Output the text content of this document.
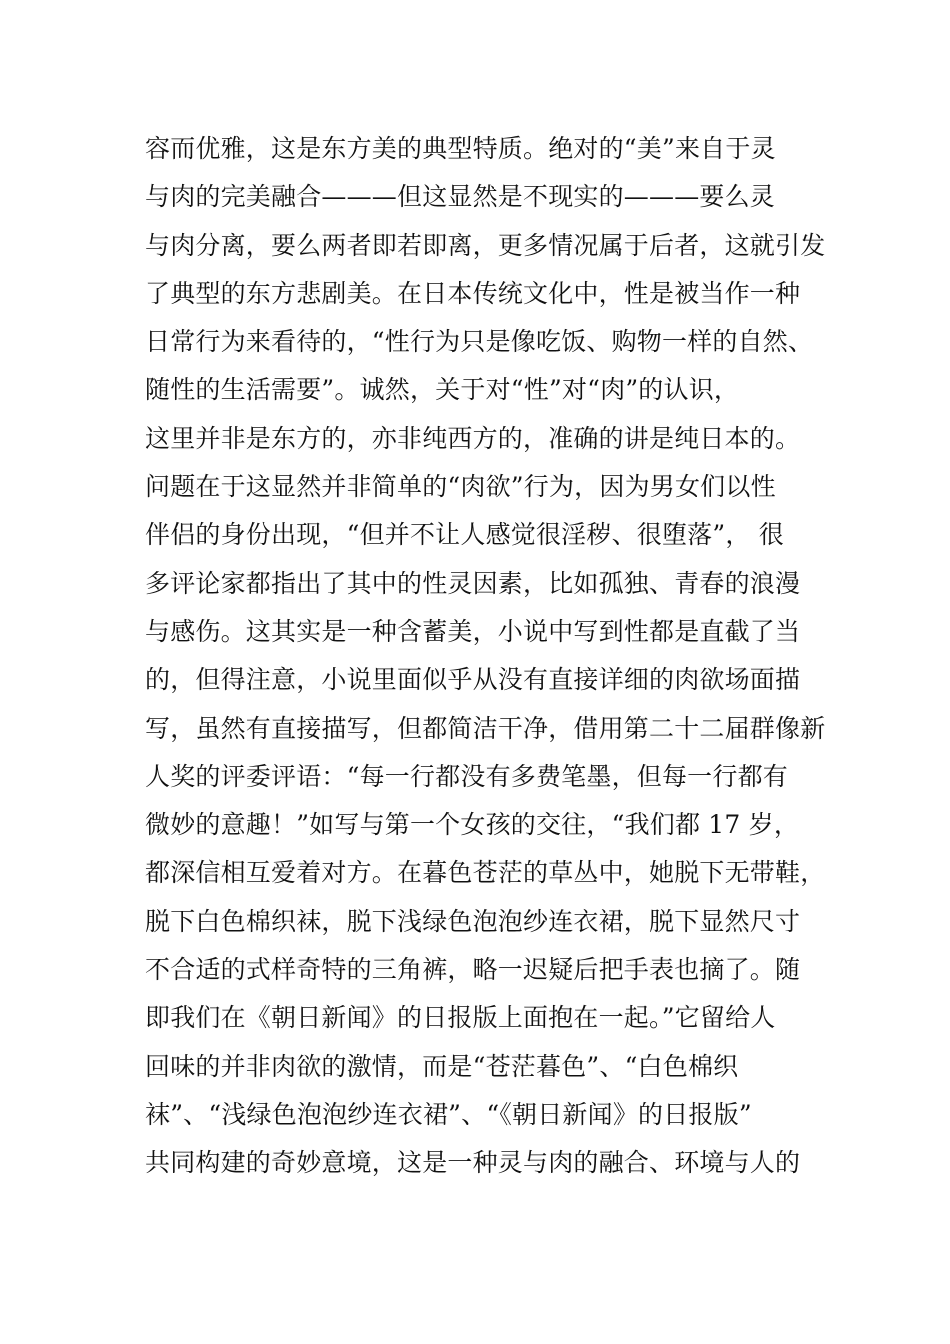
容而优雅，这是东方美的典型特质。绝对的“美”来自于灵
与肉的完美融合———但这显然是不现实的———要么灵
与肉分离，要么两者即若即离，更多情况属于后者，这就引发
了典型的东方悲剧美。在日本传统文化中，性是被当作一种
日常行为来看待的，“性行为只是像吃饭、购物一样的自然、
随性的生活需要”。诚然，关于对“性”对“肉”的认识，
这里并非是东方的，亦非纯西方的，准确的讲是纯日本的。
问题在于这显然并非简单的“肉欲”行为，因为男女们以性
伴侣的身份出现，“但并不让人感觉很淫秽、很堕落”， 很
多评论家都指出了其中的性灵因素，比如孤独、青春的浪漫
与感伤。这其实是一种含蓄美，小说中写到性都是直截了当
的，但得注意，小说里面似乎从没有直接详细的肉欲场面描
写，虽然有直接描写，但都简洁干净，借用第二十二届群像新
人奖的评委评语：“每一行都没有多费笔墨，但每一行都有
微妙的意趣！”如写与第一个女孩的交往，“我们都 17 岁，
都深信相互爱着对方。在暮色苍茫的草丛中，她脱下无带鞋，
脱下白色棉织袜，脱下浅绿色泡泡纱连衣裙，脱下显然尺寸
不合适的式样奇特的三角裤，略一迟疑后把手表也摘了。随
即我们在《朝日新闻》的日报版上面抱在一起。”它留给人
回味的并非肉欲的激情，而是“苍茫暮色”、“白色棉织
袜”、“浅绿色泡泡纱连衣裙”、“《朝日新闻》的日报版”
共同构建的奇妙意境，这是一种灵与肉的融合、环境与人的
